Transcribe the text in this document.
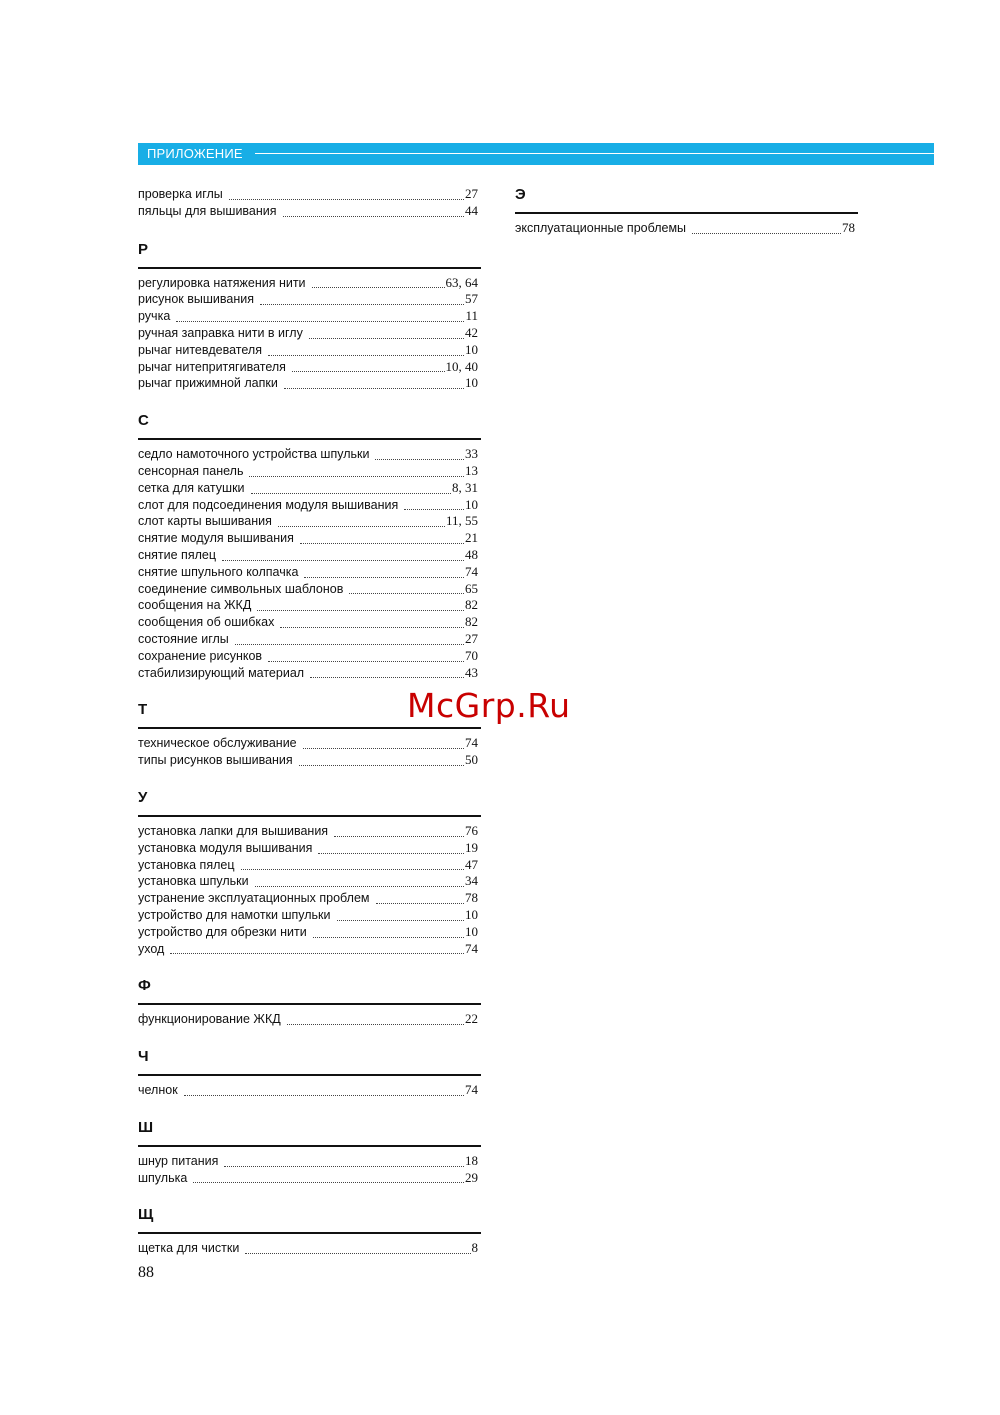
ПРИЛОЖЕНИЕ
проверка иглы	27
пяльцы для вышивания	44
Р
регулировка натяжения нити	63, 64
рисунок вышивания	57
ручка	11
ручная заправка нити в иглу	42
рычаг нитевдевателя	10
рычаг нитепритягивателя	10, 40
рычаг прижимной лапки	10
С
седло намоточного устройства шпульки	33
сенсорная панель	13
сетка для катушки	8, 31
слот для подсоединения модуля вышивания	10
слот карты вышивания	11, 55
снятие модуля вышивания	21
снятие пялец	48
снятие шпульного колпачка	74
соединение символьных шаблонов	65
сообщения на ЖКД	82
сообщения об ошибках	82
состояние иглы	27
сохранение рисунков	70
стабилизирующий материал	43
Т
техническое обслуживание	74
типы рисунков вышивания	50
У
установка лапки для вышивания	76
установка модуля вышивания	19
установка пялец	47
установка шпульки	34
устранение эксплуатационных проблем	78
устройство для намотки шпульки	10
устройство для обрезки нити	10
уход	74
Ф
функционирование ЖКД	22
Ч
челнок	74
Ш
шнур питания	18
шпулька	29
Щ
щетка для чистки	8
Э
эксплуатационные проблемы	78
McGrp.Ru
88
